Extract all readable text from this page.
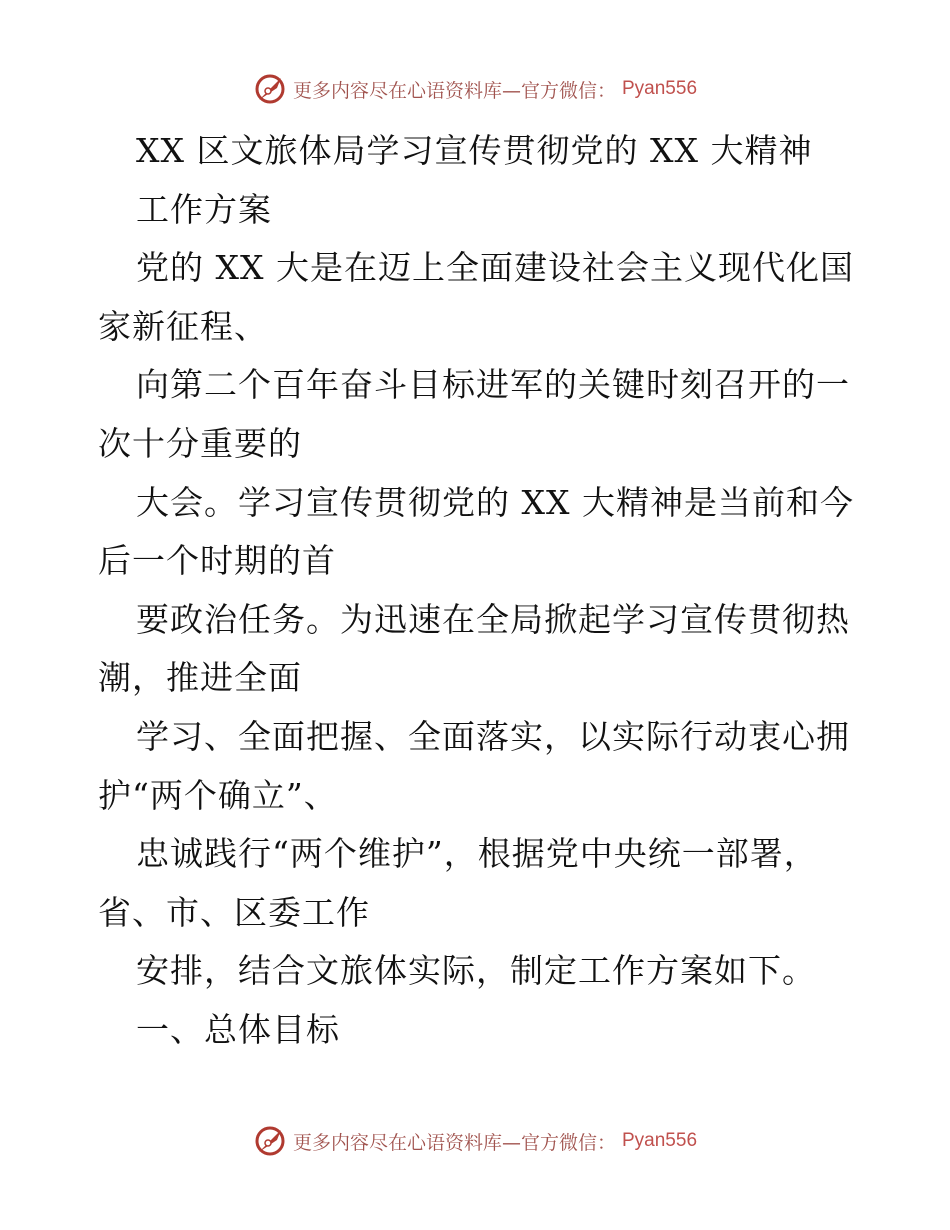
更多内容尽在心语资料库—官方微信： Pyan556
XX 区文旅体局学习宣传贯彻党的 XX 大精神
工作方案
党的 XX 大是在迈上全面建设社会主义现代化国
家新征程、
向第二个百年奋斗目标进军的关键时刻召开的一
次十分重要的
大会。学习宣传贯彻党的 XX 大精神是当前和今
后一个时期的首
要政治任务。为迅速在全局掀起学习宣传贯彻热
潮，推进全面
学习、全面把握、全面落实，以实际行动衷心拥
护“两个确立”、
忠诚践行“两个维护”，根据党中央统一部署，
省、市、区委工作
安排，结合文旅体实际，制定工作方案如下。
一、总体目标
更多内容尽在心语资料库—官方微信： Pyan556
